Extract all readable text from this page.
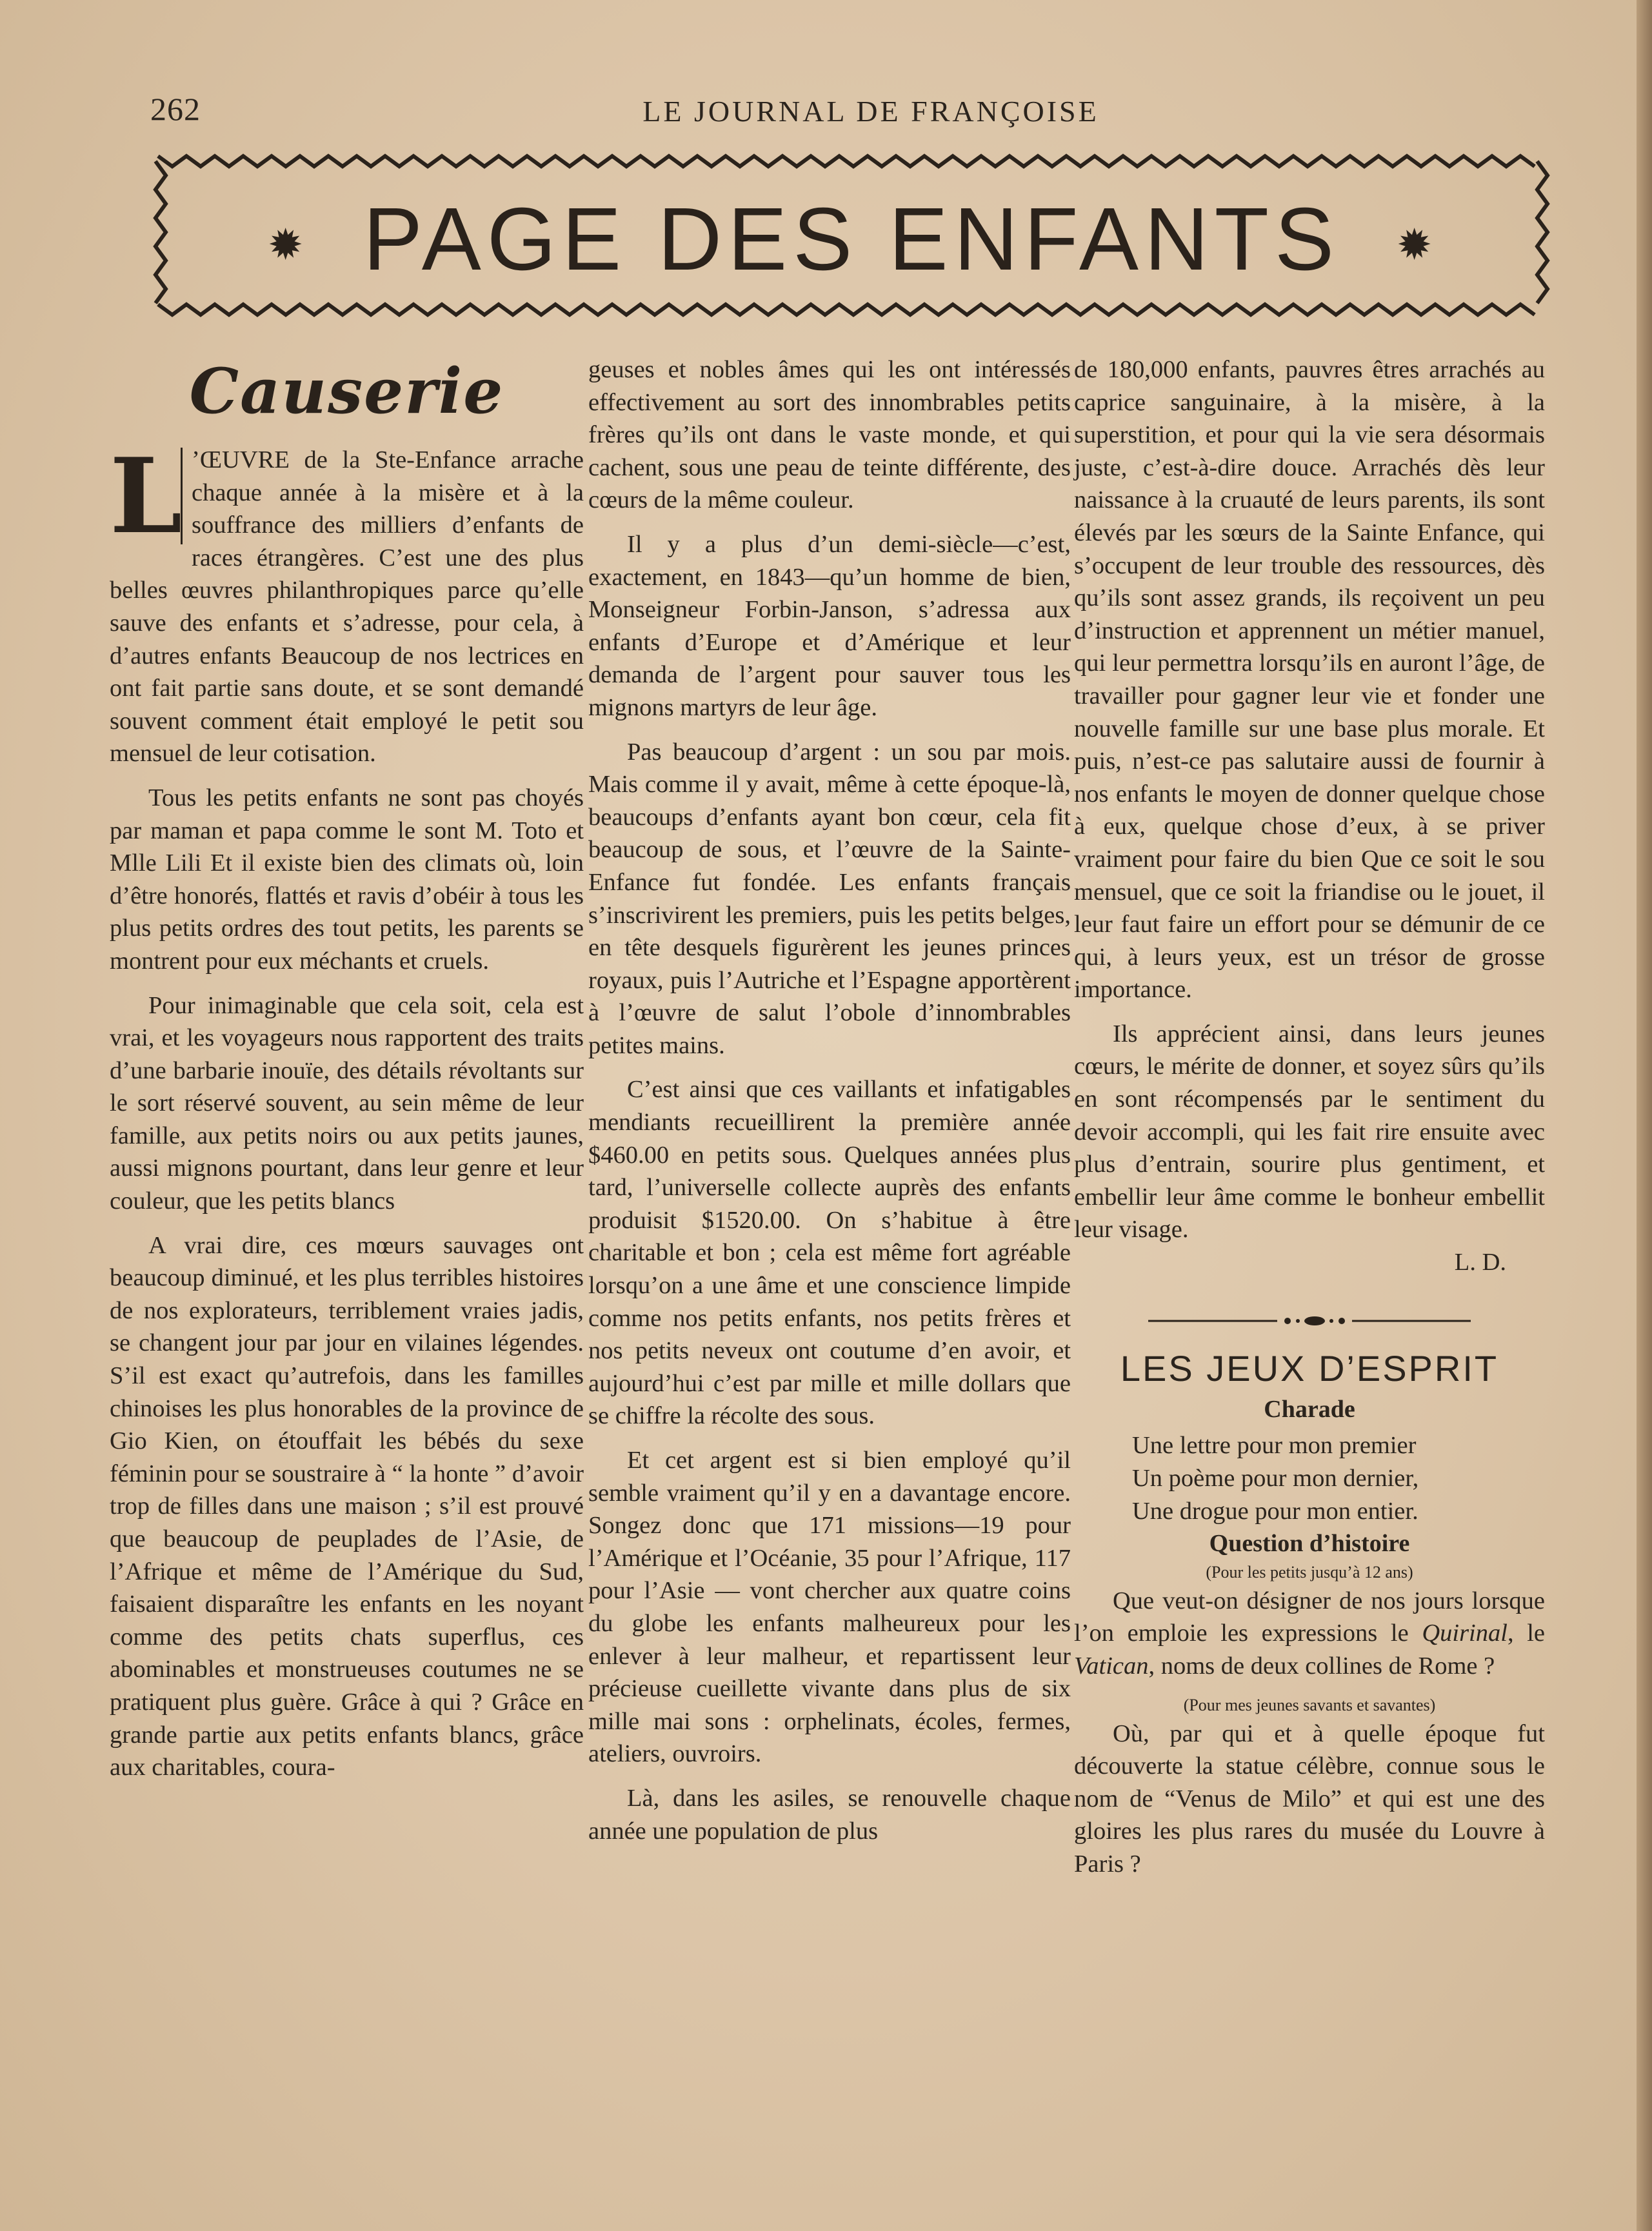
262	LE JOURNAL DE FRANÇOISE
✹ PAGE DES ENFANTS	✹
Causerie
L ’ŒUVRE de la Ste-Enfance arrache chaque année à la misère et à la souffrance des milliers d’enfants de races étrangères. C’est une des plus belles œuvres philanthropiques parce qu’elle sauve des enfants et s’adresse, pour cela, à d’autres enfants Beaucoup de nos lectrices en ont fait partie sans doute, et se sont demandé souvent comment était employé le petit sou mensuel de leur cotisation.

Tous les petits enfants ne sont pas choyés par maman et papa comme le sont M. Toto et Mlle Lili Et il existe bien des climats où, loin d’être honorés, flattés et ravis d’obéir à tous les plus petits ordres des tout petits, les parents se montrent pour eux méchants et cruels.

Pour inimaginable que cela soit, cela est vrai, et les voyageurs nous rapportent des traits d’une barbarie inouïe, des détails révoltants sur le sort réservé souvent, au sein même de leur famille, aux petits noirs ou aux petits jaunes, aussi mignons pourtant, dans leur genre et leur couleur, que les petits blancs

A vrai dire, ces mœurs sauvages ont beaucoup diminué, et les plus terribles histoires de nos explorateurs, terriblement vraies jadis, se changent jour par jour en vilaines légendes. S’il est exact qu’autrefois, dans les familles chinoises les plus honorables de la province de Gio Kien, on étouffait les bébés du sexe féminin pour se soustraire à “ la honte ” d’avoir trop de filles dans une maison ; s’il est prouvé que beaucoup de peuplades de l’Asie, de l’Afrique et même de l’Amérique du Sud, faisaient disparaître les enfants en les noyant comme des petits chats superflus, ces abominables et monstrueuses coutumes ne se pratiquent plus guère. Grâce à qui ? Grâce en grande partie aux petits enfants blancs, grâce aux charitables, coura-

geuses et nobles âmes qui les ont intéressés effectivement au sort des innombrables petits frères qu’ils ont dans le vaste monde, et qui cachent, sous une peau de teinte différente, des cœurs de la même couleur.

Il y a plus d’un demi-siècle—c’est, exactement, en 1843—qu’un homme de bien, Monseigneur Forbin-Janson, s’adressa aux enfants d’Europe et d’Amérique et leur demanda de l’argent pour sauver tous les mignons martyrs de leur âge.

Pas beaucoup d’argent : un sou par mois. Mais comme il y avait, même à cette époque-là, beaucoups d’enfants ayant bon cœur, cela fit beaucoup de sous, et l’œuvre de la Sainte-Enfance fut fondée. Les enfants français s’inscrivirent les premiers, puis les petits belges, en tête desquels figurèrent les jeunes princes royaux, puis l’Autriche et l’Espagne apportèrent à l’œuvre de salut l’obole d’innombrables petites mains.

C’est ainsi que ces vaillants et infatigables mendiants recueillirent la première année $460.00 en petits sous. Quelques années plus tard, l’universelle collecte auprès des enfants produisit $1520.00. On s’habitue à être charitable et bon ; cela est même fort agréable lorsqu’on a une âme et une conscience limpide comme nos petits enfants, nos petits frères et nos petits neveux ont coutume d’en avoir, et aujourd’hui c’est par mille et mille dollars que se chiffre la récolte des sous.

Et cet argent est si bien employé qu’il semble vraiment qu’il y en a davantage encore. Songez donc que 171 missions—19 pour l’Amérique et l’Océanie, 35 pour l’Afrique, 117 pour l’Asie — vont chercher aux quatre coins du globe les enfants malheureux pour les enlever à leur malheur, et repartissent leur précieuse cueillette vivante dans plus de six mille mai sons : orphelinats, écoles, fermes, ateliers, ouvroirs.

Là, dans les asiles, se renouvelle chaque année une population de plus

de 180,000 enfants, pauvres êtres arrachés au caprice sanguinaire, à la misère, à la superstition, et pour qui la vie sera désormais juste, c’est-à-dire douce. Arrachés dès leur naissance à la cruauté de leurs parents, ils sont élevés par les sœurs de la Sainte Enfance, qui s’occupent de leur trouble des ressources, dès qu’ils sont assez grands, ils reçoivent un peu d’instruction et apprennent un métier manuel, qui leur permettra lorsqu’ils en auront l’âge, de travailler pour gagner leur vie et fonder une nouvelle famille sur une base plus morale. Et puis, n’est-ce pas salutaire aussi de fournir à nos enfants le moyen de donner quelque chose à eux, quelque chose d’eux, à se priver vraiment pour faire du bien Que ce soit le sou mensuel, que ce soit la friandise ou le jouet, il leur faut faire un effort pour se démunir de ce qui, à leurs yeux, est un trésor de grosse importance.

Ils apprécient ainsi, dans leurs jeunes cœurs, le mérite de donner, et soyez sûrs qu’ils en sont récompensés par le sentiment du devoir accompli, qui les fait rire ensuite avec plus d’entrain, sourire plus gentiment, et embellir leur âme comme le bonheur embellit leur visage.

L. D.

LES JEUX D’ESPRIT
Charade

Une lettre pour mon premier

Un poème pour mon dernier,

Une drogue pour mon entier.

Question d’histoire

(Pour les petits jusqu’à 12 ans)

Que veut-on désigner de nos jours lorsque l’on emploie les expressions le Quirinal, le Vatican, noms de deux collines de Rome ?

(Pour mes jeunes savants et savantes)

Où, par qui et à quelle époque fut découverte la statue célèbre, connue sous le nom de “Venus de Milo” et qui est une des gloires les plus rares du musée du Louvre à Paris ?
